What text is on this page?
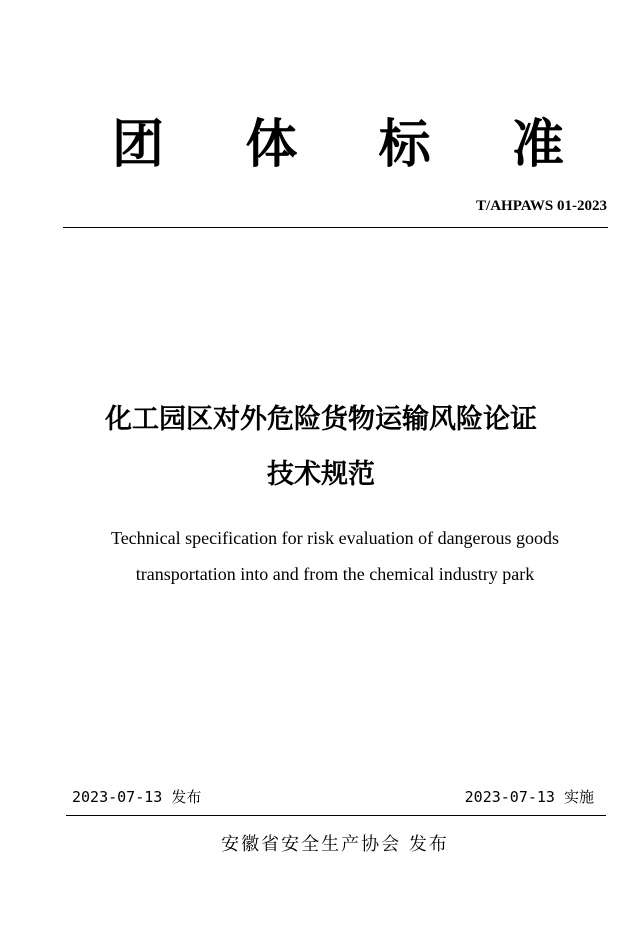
团 体 标 准
T/AHPAWS 01-2023
化工园区对外危险货物运输风险论证
技术规范
Technical specification for risk evaluation of dangerous goods
transportation into and from the chemical industry park
2023-07-13 发布	2023-07-13 实施
安徽省安全生产协会 发布
